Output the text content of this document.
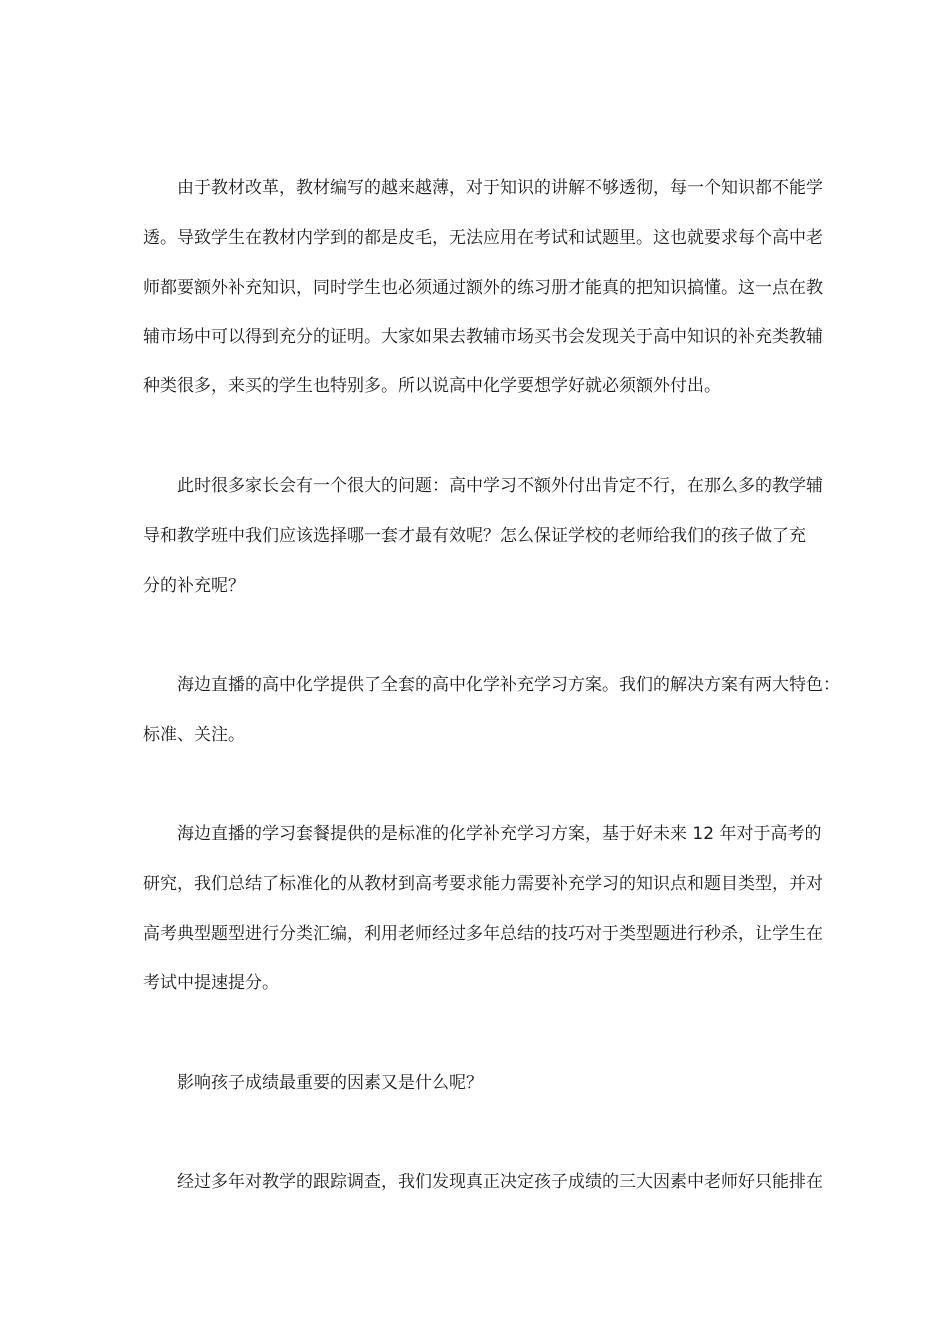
由于教材改革，教材编写的越来越薄，对于知识的讲解不够透彻，每一个知识都不能学

透。导致学生在教材内学到的都是皮毛，无法应用在考试和试题里。这也就要求每个高中老

师都要额外补充知识，同时学生也必须通过额外的练习册才能真的把知识搞懂。这一点在教

辅市场中可以得到充分的证明。大家如果去教辅市场买书会发现关于高中知识的补充类教辅

种类很多，来买的学生也特别多。所以说高中化学要想学好就必须额外付出。

此时很多家长会有一个很大的问题：高中学习不额外付出肯定不行，在那么多的教学辅

导和教学班中我们应该选择哪一套才最有效呢？怎么保证学校的老师给我们的孩子做了充

分的补充呢？

海边直播的高中化学提供了全套的高中化学补充学习方案。我们的解决方案有两大特色：

标准、关注。

海边直播的学习套餐提供的是标准的化学补充学习方案，基于好未来 12 年对于高考的

研究，我们总结了标准化的从教材到高考要求能力需要补充学习的知识点和题目类型，并对

高考典型题型进行分类汇编，利用老师经过多年总结的技巧对于类型题进行秒杀，让学生在

考试中提速提分。

影响孩子成绩最重要的因素又是什么呢？

经过多年对教学的跟踪调查，我们发现真正决定孩子成绩的三大因素中老师好只能排在
